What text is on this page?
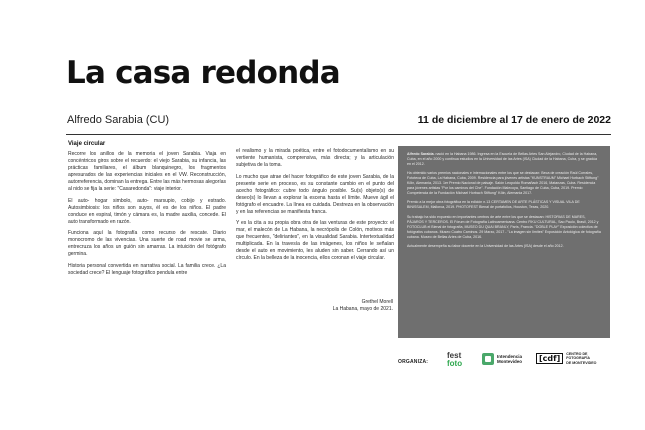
La casa redonda
Alfredo Sarabia (CU)	11 de diciembre al 17 de enero de 2022
Viaje circular

Recorre los anillos de la memoria el joven Sarabia. Viaja en concéntricos giros sobre el recuerdo: el viejo Sarabia, su infancia, las prácticas familiares, el álbum blanquinegro, los fragmentos apresurados de las experiencias iniciales en el VW. Reconstrucción, autorreferencia, dominan la entrega. Entre las más hermosas alegorías al nido se fija la serie: "Casaredonda": viaje interior.

El auto- hogar simbolo, auto- marsupio, cobijo y estrado. Autosimbiosis: los niños son suyos, él es de los niños. El padre conduce en espiral, timón y cámara es, la madre auxilia, concede. El auto transformado en razón.

Funciona aquí la fotografía como recurso de rescate. Diario monocromo de las vivencias. Una suerte de road movie se arma, entrecruza los años un guión sin amarras. La intuición del fotógrafo germina.

Historia personal convertida en narrativa social. La familia crece. ¿La sociedad crece? El lenguaje fotográfico pendula entre

el realismo y la mirada poética, entre el fotodocumentalismo en su vertiente humanista, comprensiva, más directa; y la articulación subjetiva de la toma.

Lo mucho que atrae del hacer fotográfico de este joven Sarabia, de la presente serie en proceso, es su constante cambio en el punto del acecho fotográfico: cubre todo ángulo posible. Su(s) objeto(s) de deseo(s) lo llevan a explorar la escena hasta el límite. Mueve ágil el fotógrafo el encuadre. La línea es cuidada. Destreza en la observación y en las referencias se manifiesta franca.

Y es la cita a su propia obra otra de las venturas de este proyecto: el mar, el malecón de La Habana, la necrópolis de Colón, motivos más que frecuentes, "deliriantes", en la visualidad Sarabia. Intertextualidad multiplicada. En la travesía de las imágenes, los niños le señalan desde el auto en movimiento, les aluden sin saber. Cerrando así un círculo. En la belleza de la inocencia, ellos coronan el viaje circular.

Grethel Morell
La Habana, mayo de 2021.

Alfredo Sarabia. nació en la Habana 1986. Ingresa en la Escuela de Bellas Artes San Alejandro, Ciudad de la Habana, Cuba, en el año 2000 y continua estudios en la Universidad de las Artes (ISA) Ciudad de la Habana, Cuba, y se gradúa en el 2012.

Ha obtenido varios premios nacionales e internacionales entre los que se destacan: Beca de creación Raúl Corrales, Fototeca de Cuba, La Habana, Cuba, 2009. Residencia para jóvenes artistas "KUNSTRAUM" Michael Horbach Stiftung" Köln, Alemania, 2013. 1er Premio Nacional de paisaje. Salón Leopoldo Romañach 2016, Matanzas, Cuba. Residencia para jóvenes artistas "Por los caminos del Che". Fundación Malecoya, Santiago de Cuba, Cuba, 2019. Premio Competencia de la Fundación Michael Horbach Stiftung" Köln, Alemania 2017.

Premio a la mejor obra fotográfica en la edición n.13 CERTAMEN DE ARTE PLÁSTICAS Y VISUAL VILA DE BINISSALEM, Mallorca, 2019. PHOTOFEST Bienal de portafolios, Houston, Texas, 2020.

Su trabajo ha sido expuesto en importantes centros de arte entre los que se destacan: HISTORIAS DE MARES, PÁJAROS Y TERCEROS. El Fórum de Fotografía Latinoamericana. Centro FIKU CULTURAL, Sao Paulo, Brasil, 2012 y FOTOCLUB el Bienal de fotografía, MUSEO DU QUAI BRANLY, París, Francia. "DOBLE PLAY" Exposición colectiva de fotógrafos cubanos. Museo Cuatro Caminos. 29 Marzo, 2017 - "La imagen sin límites" Exposición Antológica de fotografía cubana. Museo de Bellas Artes de Cuba, 2016.

Actualmente desempeña su labor docente en la Universidad de las Artes (ISA) desde el año 2012.

ORGANIZA:
fest
foto
Intendencia
Montevideo	[cdf]
CENTRO DE
FOTOGRAFÍA
DE MONTEVIDEO
